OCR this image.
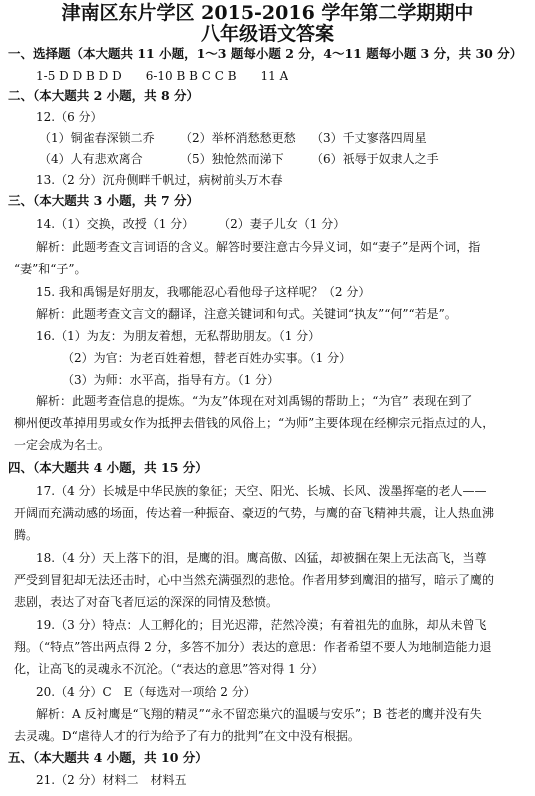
津南区东片学区 2015-2016 学年第二学期期中
八年级语文答案
一、选择题（本大题共 11 小题，1～3 题每小题 2 分，4～11 题每小题 3 分，共 30 分）
1-5 D D B D D　　6-10 B B C C B　　11 A
二、（本大题共 2 小题，共 8 分）
12.（6 分）
（1）铜雀春深锁二乔 （2）举杯消愁愁更愁 （3）千丈寥落四周星
（4）人有悲欢离合	（5）独怆然而涕下 （6）祇辱于奴隶人之手
13.（2 分）沉舟侧畔千帆过，病树前头万木春
三、（本大题共 3 小题，共 7 分）
14.（1）交换，改授（1 分）　　　（2）妻子儿女（1 分）
解析：此题考查文言词语的含义。解答时要注意古今异义词，如“妻子”是两个词，指
“妻”和“子”。
15. 我和禹锡是好朋友，我哪能忍心看他母子这样呢？（2 分）
解析：此题考查文言文的翻译，注意关键词和句式。关键词“执友”“何”“若是”。
16.（1）为友：为朋友着想，无私帮助朋友。（1 分）
（2）为官：为老百姓着想，替老百姓办实事。（1 分）
（3）为师：水平高，指导有方。（1 分）
解析：此题考查信息的提炼。“为友”体现在对刘禹锡的帮助上；“为官” 表现在到了
柳州便改革掉用男或女作为抵押去借钱的风俗上；“为师”主要体现在经柳宗元指点过的人，
一定会成为名士。
四、（本大题共 4 小题，共 15 分）
17.（4 分）长城是中华民族的象征；天空、阳光、长城、长风、泼墨挥毫的老人——
开阔而充满动感的场面，传达着一种振奋、豪迈的气势，与鹰的奋飞精神共震，让人热血沸
腾。
18.（4 分）天上落下的泪，是鹰的泪。鹰高傲、凶猛，却被捆在架上无法高飞，当尊
严受到冒犯却无法还击时，心中当然充满强烈的悲怆。作者用梦到鹰泪的描写，暗示了鹰的
悲剧，表达了对奋飞者厄运的深深的同情及愁愤。
19.（3 分）特点：人工孵化的；目光迟滞，茫然冷漠；有着祖先的血脉，却从未曾飞
翔。（“特点”答出两点得 2 分，多答不加分）表达的意思：作者希望不要人为地制造能力退
化，让高飞的灵魂永不沉沦。（“表达的意思”答对得 1 分）
20.（4 分）C　E（每选对一项给 2 分）
解析：A 反衬鹰是“飞翔的精灵”“永不留恋巢穴的温暖与安乐”；B 苍老的鹰并没有失
去灵魂。D“虐待人才的行为给予了有力的批判”在文中没有根据。
五、（本大题共 4 小题，共 10 分）
21.（2 分）材料二　材料五
